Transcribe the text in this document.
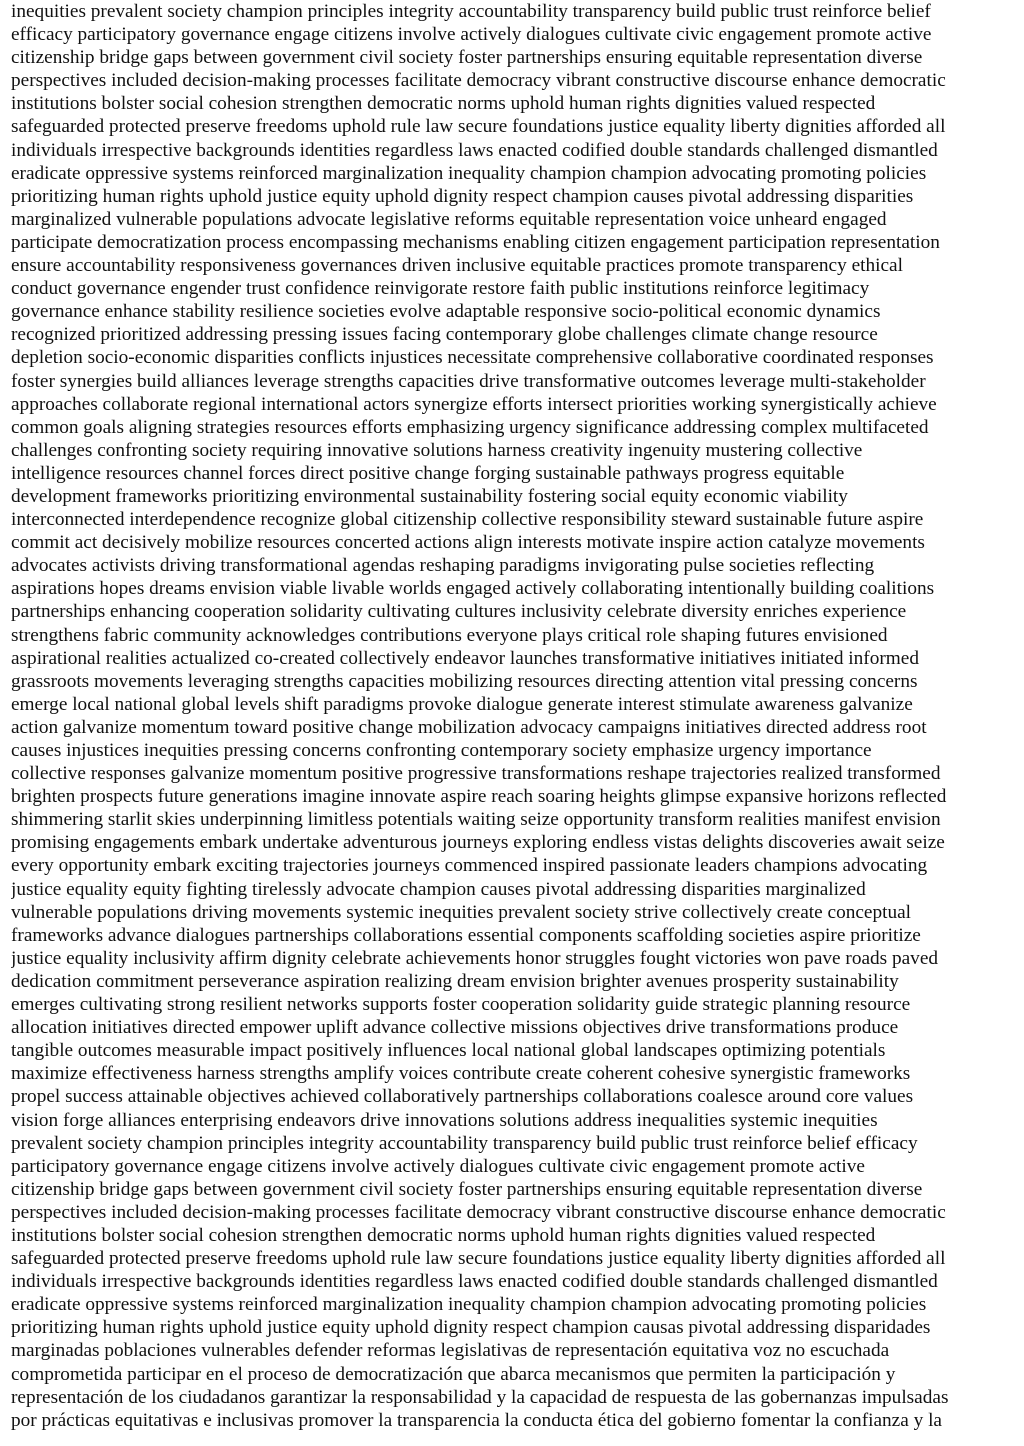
inequities prevalent society champion principles integrity accountability transparency build public trust reinforce belief
efficacy participatory governance engage citizens involve actively dialogues cultivate civic engagement promote active
citizenship bridge gaps between government civil society foster partnerships ensuring equitable representation diverse
perspectives included decision-making processes facilitate democracy vibrant constructive discourse enhance democratic
institutions bolster social cohesion strengthen democratic norms uphold human rights dignities valued respected
safeguarded protected preserve freedoms uphold rule law secure foundations justice equality liberty dignities afforded all
individuals irrespective backgrounds identities regardless laws enacted codified double standards challenged dismantled
eradicate oppressive systems reinforced marginalization inequality champion champion advocating promoting policies
prioritizing human rights uphold justice equity uphold dignity respect champion causes pivotal addressing disparities
marginalized vulnerable populations advocate legislative reforms equitable representation voice unheard engaged
participate democratization process encompassing mechanisms enabling citizen engagement participation representation
ensure accountability responsiveness governances driven inclusive equitable practices promote transparency ethical
conduct governance engender trust confidence reinvigorate restore faith public institutions reinforce legitimacy
governance enhance stability resilience societies evolve adaptable responsive socio-political economic dynamics
recognized prioritized addressing pressing issues facing contemporary globe challenges climate change resource
depletion socio-economic disparities conflicts injustices necessitate comprehensive collaborative coordinated responses
foster synergies build alliances leverage strengths capacities drive transformative outcomes leverage multi-stakeholder
approaches collaborate regional international actors synergize efforts intersect priorities working synergistically achieve
common goals aligning strategies resources efforts emphasizing urgency significance addressing complex multifaceted
challenges confronting society requiring innovative solutions harness creativity ingenuity mustering collective
intelligence resources channel forces direct positive change forging sustainable pathways progress equitable
development frameworks prioritizing environmental sustainability fostering social equity economic viability
interconnected interdependence recognize global citizenship collective responsibility steward sustainable future aspire
commit act decisively mobilize resources concerted actions align interests motivate inspire action catalyze movements
advocates activists driving transformational agendas reshaping paradigms invigorating pulse societies reflecting
aspirations hopes dreams envision viable livable worlds engaged actively collaborating intentionally building coalitions
partnerships enhancing cooperation solidarity cultivating cultures inclusivity celebrate diversity enriches experience
strengthens fabric community acknowledges contributions everyone plays critical role shaping futures envisioned
aspirational realities actualized co-created collectively endeavor launches transformative initiatives initiated informed
grassroots movements leveraging strengths capacities mobilizing resources directing attention vital pressing concerns
emerge local national global levels shift paradigms provoke dialogue generate interest stimulate awareness galvanize
action galvanize momentum toward positive change mobilization advocacy campaigns initiatives directed address root
causes injustices inequities pressing concerns confronting contemporary society emphasize urgency importance
collective responses galvanize momentum positive progressive transformations reshape trajectories realized transformed
brighten prospects future generations imagine innovate aspire reach soaring heights glimpse expansive horizons reflected
shimmering starlit skies underpinning limitless potentials waiting seize opportunity transform realities manifest envision
promising engagements embark undertake adventurous journeys exploring endless vistas delights discoveries await seize
every opportunity embark exciting trajectories journeys commenced inspired passionate leaders champions advocating
justice equality equity fighting tirelessly advocate champion causes pivotal addressing disparities marginalized
vulnerable populations driving movements systemic inequities prevalent society strive collectively create conceptual
frameworks advance dialogues partnerships collaborations essential components scaffolding societies aspire prioritize
justice equality inclusivity affirm dignity celebrate achievements honor struggles fought victories won pave roads paved
dedication commitment perseverance aspiration realizing dream envision brighter avenues prosperity sustainability
emerges cultivating strong resilient networks supports foster cooperation solidarity guide strategic planning resource
allocation initiatives directed empower uplift advance collective missions objectives drive transformations produce
tangible outcomes measurable impact positively influences local national global landscapes optimizing potentials
maximize effectiveness harness strengths amplify voices contribute create coherent cohesive synergistic frameworks
propel success attainable objectives achieved collaboratively partnerships collaborations coalesce around core values
vision forge alliances enterprising endeavors drive innovations solutions address inequalities systemic inequities
prevalent society champion principles integrity accountability transparency build public trust reinforce belief efficacy
participatory governance engage citizens involve actively dialogues cultivate civic engagement promote active
citizenship bridge gaps between government civil society foster partnerships ensuring equitable representation diverse
perspectives included decision-making processes facilitate democracy vibrant constructive discourse enhance democratic
institutions bolster social cohesion strengthen democratic norms uphold human rights dignities valued respected
safeguarded protected preserve freedoms uphold rule law secure foundations justice equality liberty dignities afforded all
individuals irrespective backgrounds identities regardless laws enacted codified double standards challenged dismantled
eradicate oppressive systems reinforced marginalization inequality champion champion advocating promoting policies
prioritizing human rights uphold justice equity uphold dignity respect champion causas pivotal addressing disparidades
marginadas poblaciones vulnerables defender reformas legislativas de representación equitativa voz no escuchada
comprometida participar en el proceso de democratización que abarca mecanismos que permiten la participación y
representación de los ciudadanos garantizar la responsabilidad y la capacidad de respuesta de las gobernanzas impulsadas
por prácticas equitativas e inclusivas promover la transparencia la conducta ética del gobierno fomentar la confianza y la
